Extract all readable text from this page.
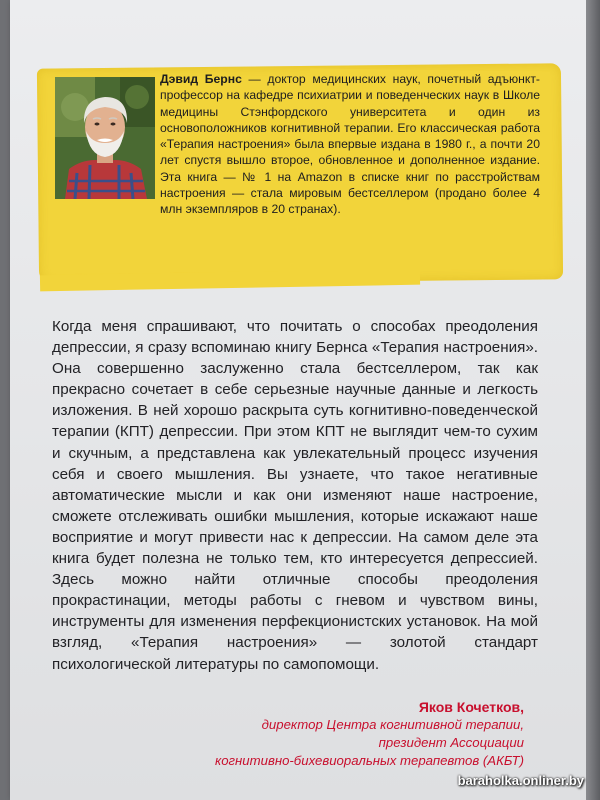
Дэвид Бернс — доктор медицинских наук, почетный адъюнкт-профессор на кафедре психиатрии и поведенческих наук в Школе медицины Стэнфордского университета и один из основоположников когнитивной терапии. Его классическая работа «Терапия настроения» была впервые издана в 1980 г., а почти 20 лет спустя вышло второе, обновленное и дополненное издание. Эта книга — № 1 на Amazon в списке книг по расстройствам настроения — стала мировым бестселлером (продано более 4 млн экземпляров в 20 странах).
Когда меня спрашивают, что почитать о способах преодоления депрессии, я сразу вспоминаю книгу Бернса «Терапия настроения». Она совершенно заслуженно стала бестселлером, так как прекрасно сочетает в себе серьезные научные данные и легкость изложения. В ней хорошо раскрыта суть когнитивно-поведенческой терапии (КПТ) депрессии. При этом КПТ не выглядит чем-то сухим и скучным, а представлена как увлекательный процесс изучения себя и своего мышления. Вы узнаете, что такое негативные автоматические мысли и как они изменяют наше настроение, сможете отслеживать ошибки мышления, которые искажают наше восприятие и могут привести нас к депрессии. На самом деле эта книга будет полезна не только тем, кто интересуется депрессией. Здесь можно найти отличные способы преодоления прокрастинации, методы работы с гневом и чувством вины, инструменты для изменения перфекционистских установок. На мой взгляд, «Терапия настроения» — золотой стандарт психологической литературы по самопомощи.
Яков Кочетков,
директор Центра когнитивной терапии,
президент Ассоциации
когнитивно-бихевиоральных терапевтов (АКБТ)
baraholka.onliner.by
